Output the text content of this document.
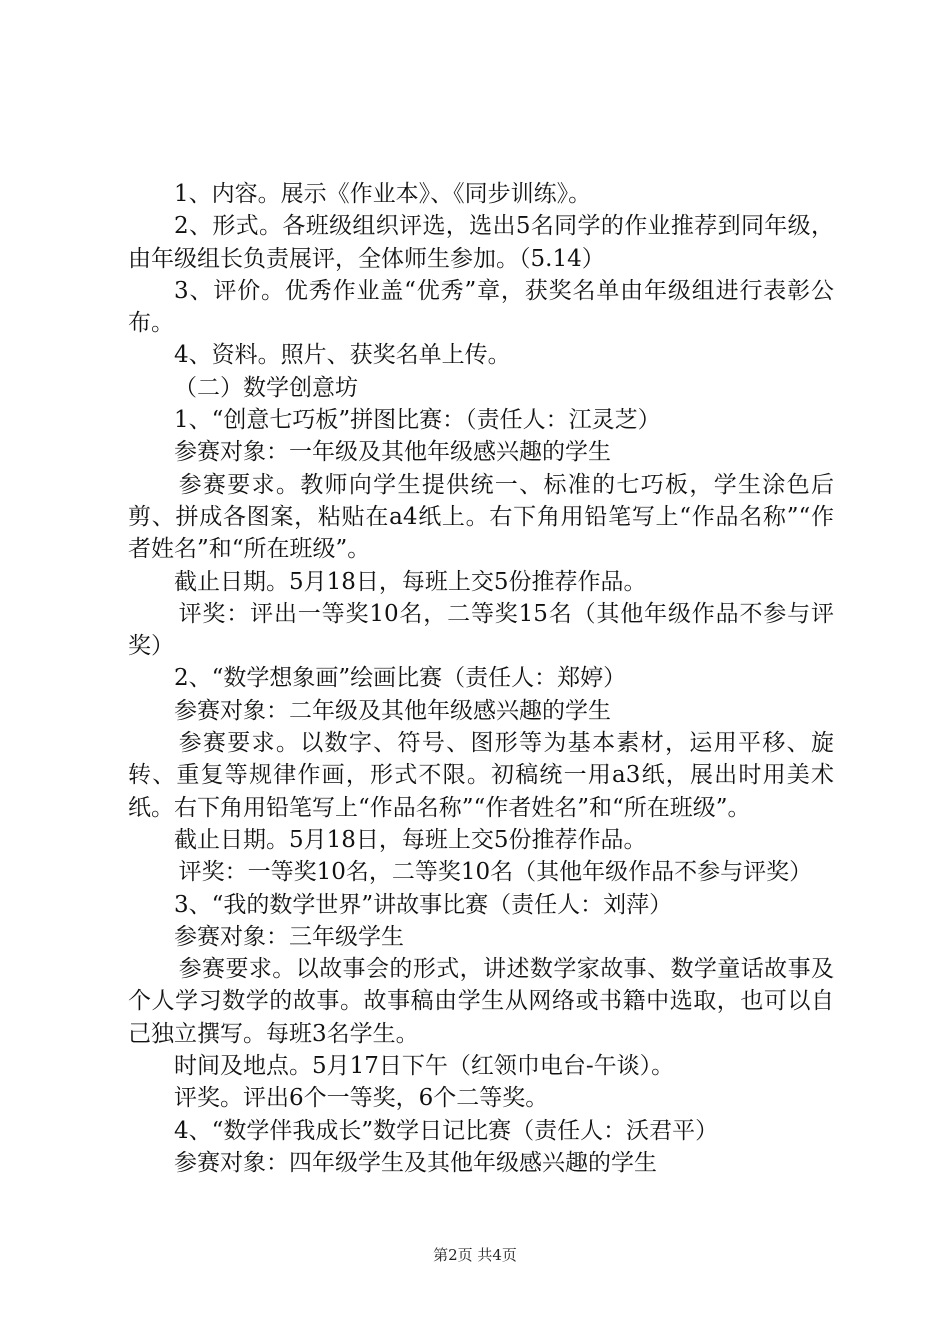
1、内容。展示《作业本》、《同步训练》。

2、形式。各班级组织评选，选出5名同学的作业推荐到同年级，由年级组长负责展评，全体师生参加。（5.14）

3、评价。优秀作业盖“优秀”章，获奖名单由年级组进行表彰公布。

4、资料。照片、获奖名单上传。

（二）数学创意坊

1、“创意七巧板”拼图比赛：（责任人：江灵芝）

参赛对象：一年级及其他年级感兴趣的学生

参赛要求。教师向学生提供统一、标准的七巧板，学生涂色后剪、拼成各图案，粘贴在a4纸上。右下角用铅笔写上“作品名称”“作者姓名”和“所在班级”。

截止日期。5月18日，每班上交5份推荐作品。

评奖：评出一等奖10名，二等奖15名（其他年级作品不参与评奖）

2、“数学想象画”绘画比赛（责任人：郑婷）

参赛对象：二年级及其他年级感兴趣的学生

参赛要求。以数字、符号、图形等为基本素材，运用平移、旋转、重复等规律作画，形式不限。初稿统一用a3纸，展出时用美术纸。右下角用铅笔写上“作品名称”“作者姓名”和“所在班级”。

截止日期。5月18日，每班上交5份推荐作品。

评奖：一等奖10名，二等奖10名（其他年级作品不参与评奖）

3、“我的数学世界”讲故事比赛（责任人：刘萍）

参赛对象：三年级学生

参赛要求。以故事会的形式，讲述数学家故事、数学童话故事及个人学习数学的故事。故事稿由学生从网络或书籍中选取，也可以自己独立撰写。每班3名学生。

时间及地点。5月17日下午（红领巾电台-午谈）。

评奖。评出6个一等奖，6个二等奖。

4、“数学伴我成长”数学日记比赛（责任人：沃君平）

参赛对象：四年级学生及其他年级感兴趣的学生

第2页 共4页
